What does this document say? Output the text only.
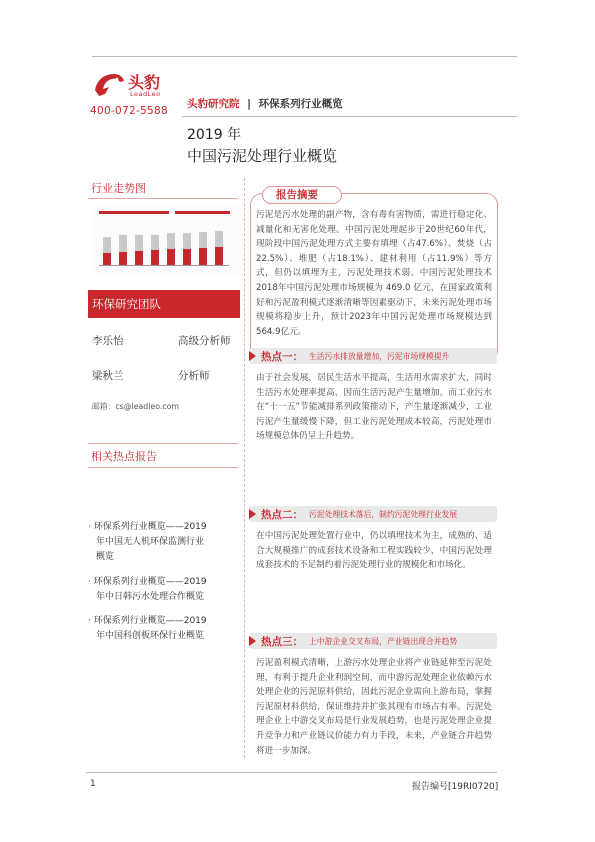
头豹
LeadLeo
400-072-5588
头豹研究院 | 环保系列行业概览
2019 年
中国污泥处理行业概览
行业走势图
环保研究团队
李乐怡	高级分析师
梁秋兰	分析师
邮箱：cs@leadleo.com
相关热点报告
· 环保系列行业概览——2019
年中国无人机环保监测行业
概览
· 环保系列行业概览——2019
年中日韩污水处理合作概览
· 环保系列行业概览——2019
年中国科创板环保行业概览
报告摘要
污泥是污水处理的副产物，含有毒有害物质，需进行稳定化、减量化和无害化处理。中国污泥处理起步于20世纪60年代，现阶段中国污泥处理方式主要有填埋（占47.6%）、焚烧（占22.5%）、堆肥（占18.1%）、建材利用（占11.9%）等方式，但仍以填埋为主，污泥处理技术弱。中国污泥处理技术2018年中国污泥处理市场规模为 469.0 亿元，在国家政策利好和污泥盈利模式逐渐清晰等因素驱动下，未来污泥处理市场规模将稳步上升，预计2023年中国污泥处理市场规模达到564.9亿元。
热点一： 生活污水排放量增加，污泥市场规模提升
由于社会发展，居民生活水平提高，生活用水需求扩大，同时生活污水处理率提高，因而生活污泥产生量增加。而工业污水在“十一五”节能减排系列政策推动下，产生量逐渐减少，工业污泥产生量缓慢下降，但工业污泥处理成本较高，污泥处理市场规模总体仍呈上升趋势。
热点二： 污泥处理技术落后，制约污泥处理行业发展
在中国污泥处理处置行业中，仍以填埋技术为主，成熟的、适合大规模推广的成套技术设备和工程实践较少，中国污泥处理成套技术的不足制约着污泥处理行业的规模化和市场化。
热点三： 上中游企业交叉布局，产业链出现合并趋势
污泥盈利模式清晰，上游污水处理企业将产业链延伸至污泥处理，有利于提升企业利润空间，而中游污泥处理企业依赖污水处理企业的污泥原料供给，因此污泥企业需向上游布局，掌握污泥原材料供给，保证维持并扩张其现有市场占有率。污泥处理企业上中游交叉布局是行业发展趋势，也是污泥处理企业提升竞争力和产业链议价能力有力手段，未来，产业链合并趋势将进一步加深。
1	报告编号[19RI0720]
